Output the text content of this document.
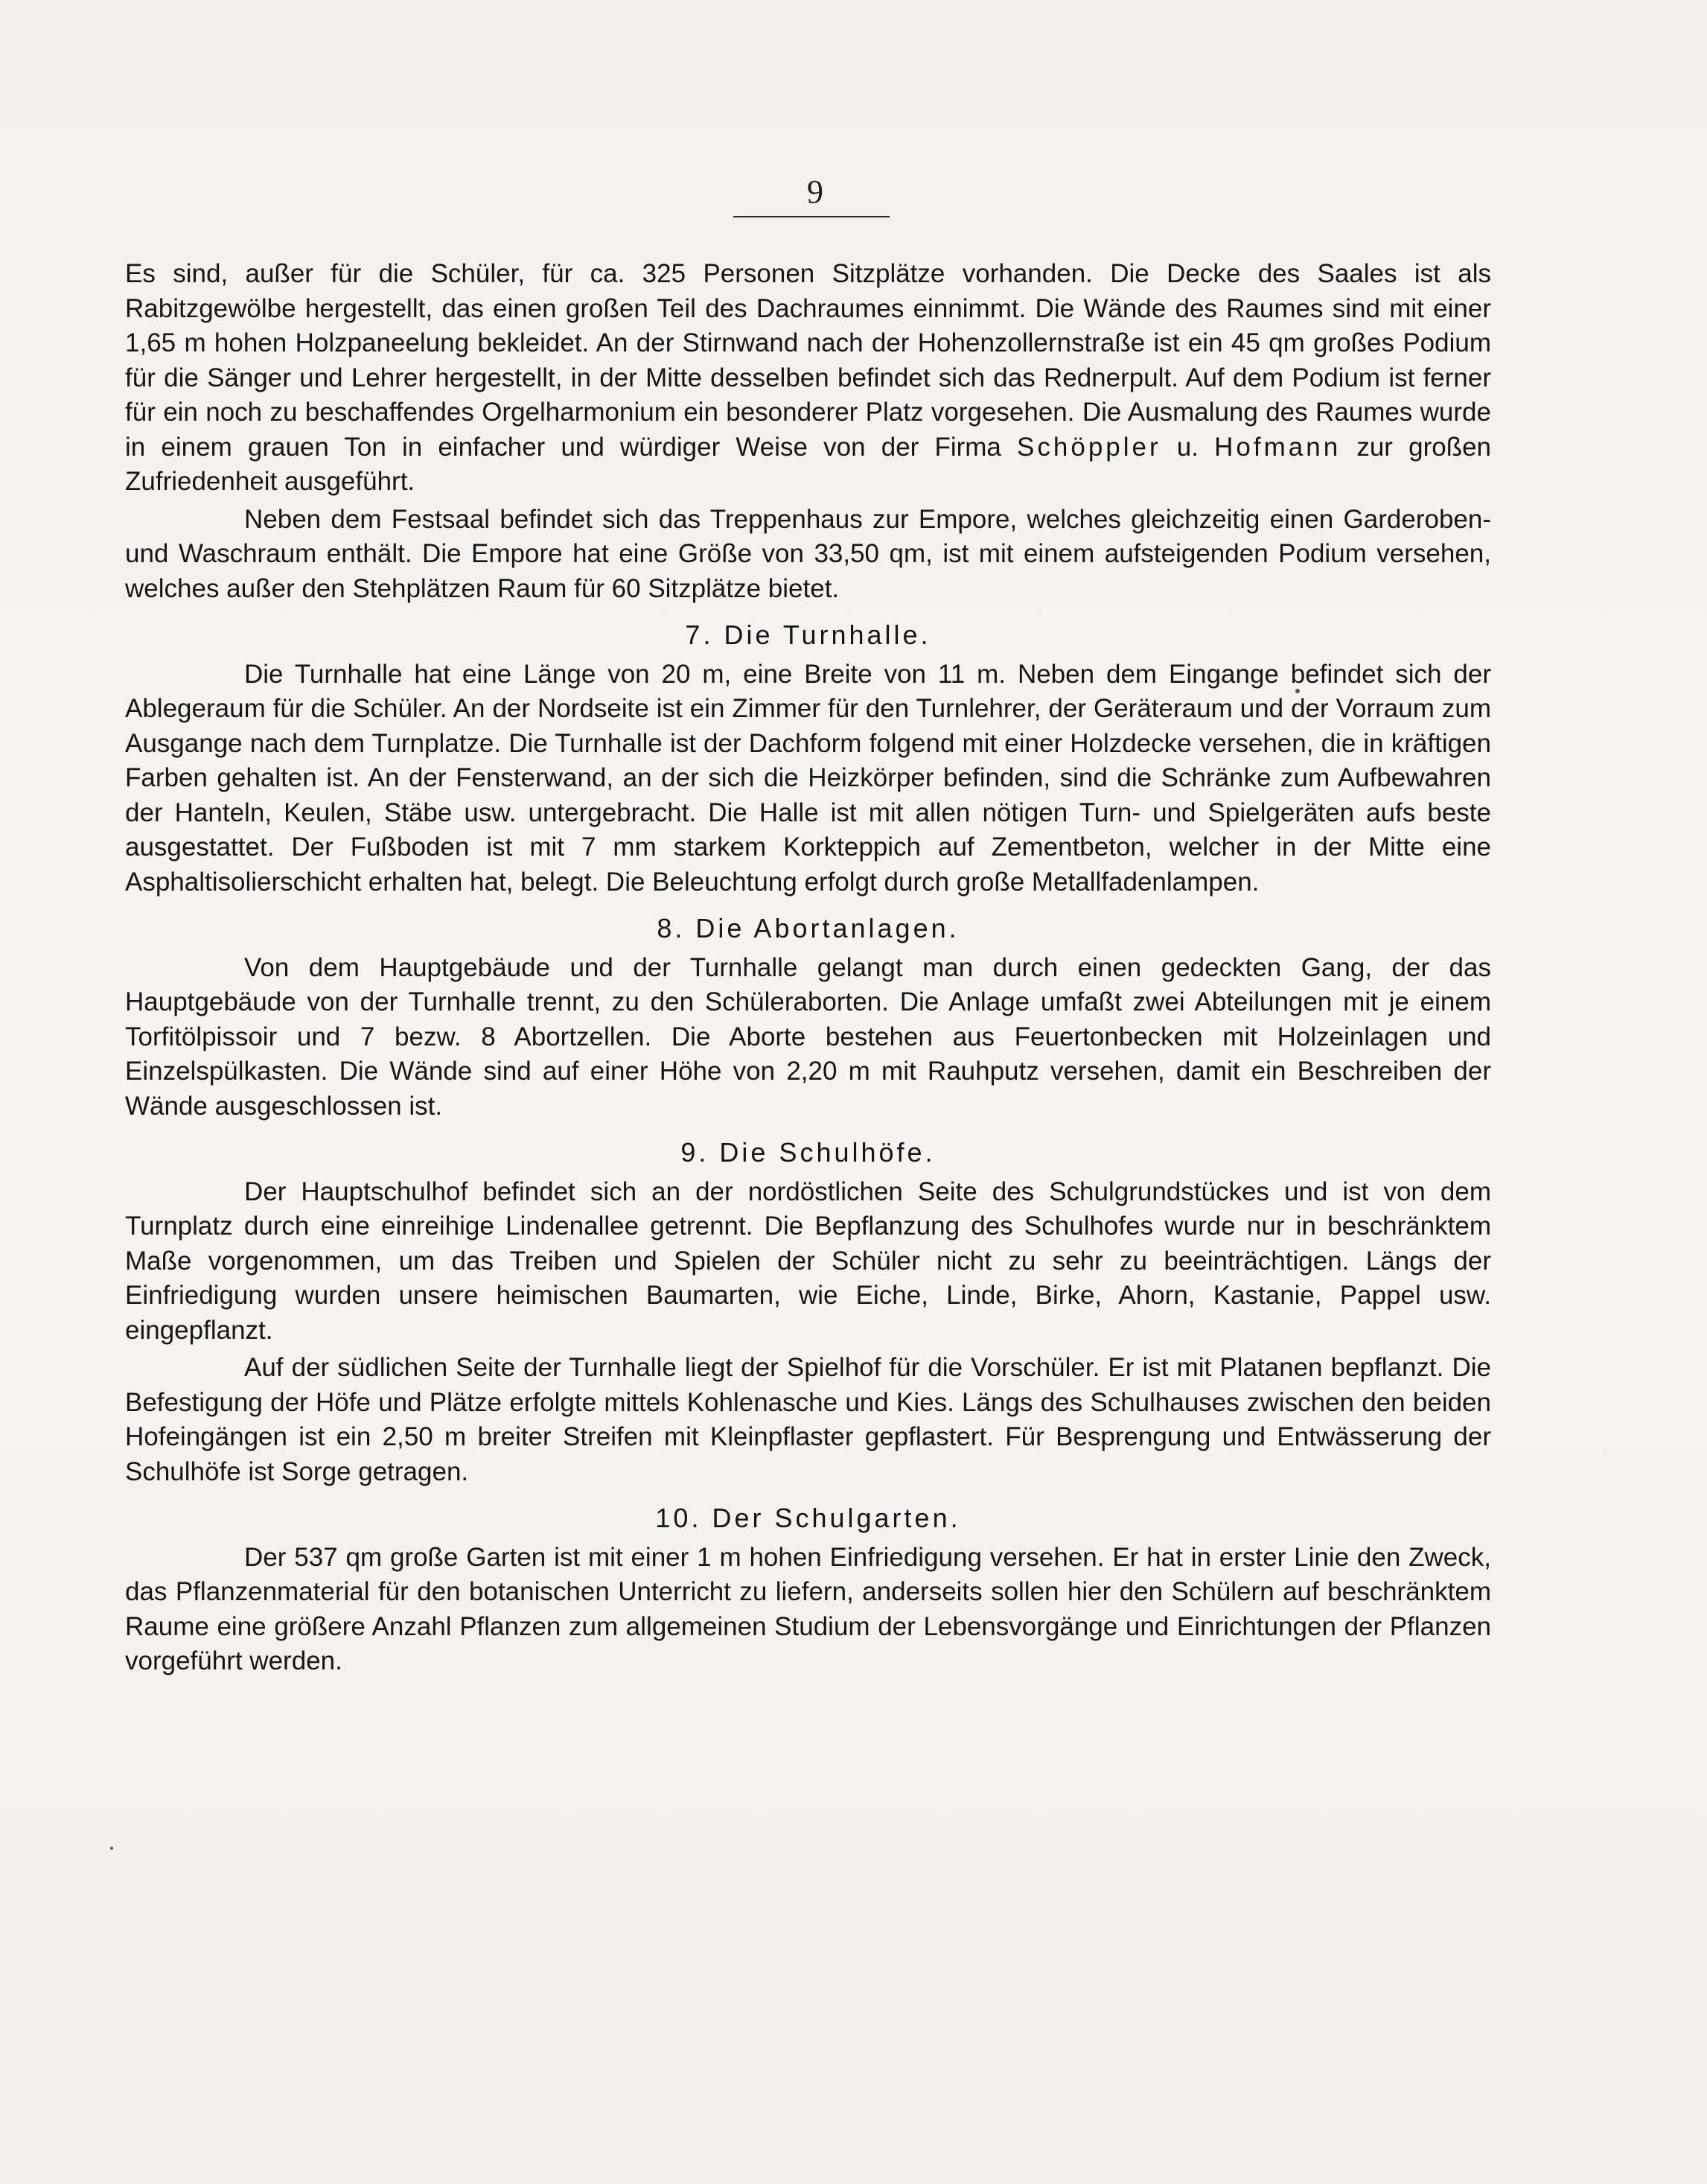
9

Es sind, außer für die Schüler, für ca. 325 Personen Sitzplätze vorhanden. Die Decke des Saales ist als Rabitzgewölbe hergestellt, das einen großen Teil des Dachraumes einnimmt. Die Wände des Raumes sind mit einer 1,65 m hohen Holzpaneelung bekleidet. An der Stirnwand nach der Hohenzollernstraße ist ein 45 qm großes Podium für die Sänger und Lehrer hergestellt, in der Mitte desselben befindet sich das Rednerpult. Auf dem Podium ist ferner für ein noch zu beschaffendes Orgelharmonium ein besonderer Platz vorgesehen. Die Ausmalung des Raumes wurde in einem grauen Ton in einfacher und würdiger Weise von der Firma Schöppler u. Hofmann zur großen Zufriedenheit ausgeführt.

Neben dem Festsaal befindet sich das Treppenhaus zur Empore, welches gleichzeitig einen Garderoben- und Waschraum enthält. Die Empore hat eine Größe von 33,50 qm, ist mit einem aufsteigenden Podium versehen, welches außer den Stehplätzen Raum für 60 Sitzplätze bietet.

7. Die Turnhalle.

Die Turnhalle hat eine Länge von 20 m, eine Breite von 11 m. Neben dem Eingange befindet sich der Ablegeraum für die Schüler. An der Nordseite ist ein Zimmer für den Turnlehrer, der Geräteraum und der Vorraum zum Ausgange nach dem Turnplatze. Die Turnhalle ist der Dachform folgend mit einer Holzdecke versehen, die in kräftigen Farben gehalten ist. An der Fensterwand, an der sich die Heizkörper befinden, sind die Schränke zum Aufbewahren der Hanteln, Keulen, Stäbe usw. untergebracht. Die Halle ist mit allen nötigen Turn- und Spielgeräten aufs beste ausgestattet. Der Fußboden ist mit 7 mm starkem Korkteppich auf Zementbeton, welcher in der Mitte eine Asphaltisolierschicht erhalten hat, belegt. Die Beleuchtung erfolgt durch große Metallfadenlampen.

8. Die Abortanlagen.

Von dem Hauptgebäude und der Turnhalle gelangt man durch einen gedeckten Gang, der das Hauptgebäude von der Turnhalle trennt, zu den Schüleraborten. Die Anlage umfaßt zwei Abteilungen mit je einem Torfitölpissoir und 7 bezw. 8 Abortzellen. Die Aborte bestehen aus Feuertonbecken mit Holzeinlagen und Einzelspülkasten. Die Wände sind auf einer Höhe von 2,20 m mit Rauhputz versehen, damit ein Beschreiben der Wände ausgeschlossen ist.

9. Die Schulhöfe.

Der Hauptschulhof befindet sich an der nordöstlichen Seite des Schulgrundstückes und ist von dem Turnplatz durch eine einreihige Lindenallee getrennt. Die Bepflanzung des Schulhofes wurde nur in beschränktem Maße vorgenommen, um das Treiben und Spielen der Schüler nicht zu sehr zu beeinträchtigen. Längs der Einfriedigung wurden unsere heimischen Baumarten, wie Eiche, Linde, Birke, Ahorn, Kastanie, Pappel usw. eingepflanzt.

Auf der südlichen Seite der Turnhalle liegt der Spielhof für die Vorschüler. Er ist mit Platanen bepflanzt. Die Befestigung der Höfe und Plätze erfolgte mittels Kohlenasche und Kies. Längs des Schulhauses zwischen den beiden Hofeingängen ist ein 2,50 m breiter Streifen mit Kleinpflaster gepflastert. Für Besprengung und Entwässerung der Schulhöfe ist Sorge getragen.

10. Der Schulgarten.

Der 537 qm große Garten ist mit einer 1 m hohen Einfriedigung versehen. Er hat in erster Linie den Zweck, das Pflanzenmaterial für den botanischen Unterricht zu liefern, anderseits sollen hier den Schülern auf beschränktem Raume eine größere Anzahl Pflanzen zum allgemeinen Studium der Lebensvorgänge und Einrichtungen der Pflanzen vorgeführt werden.
